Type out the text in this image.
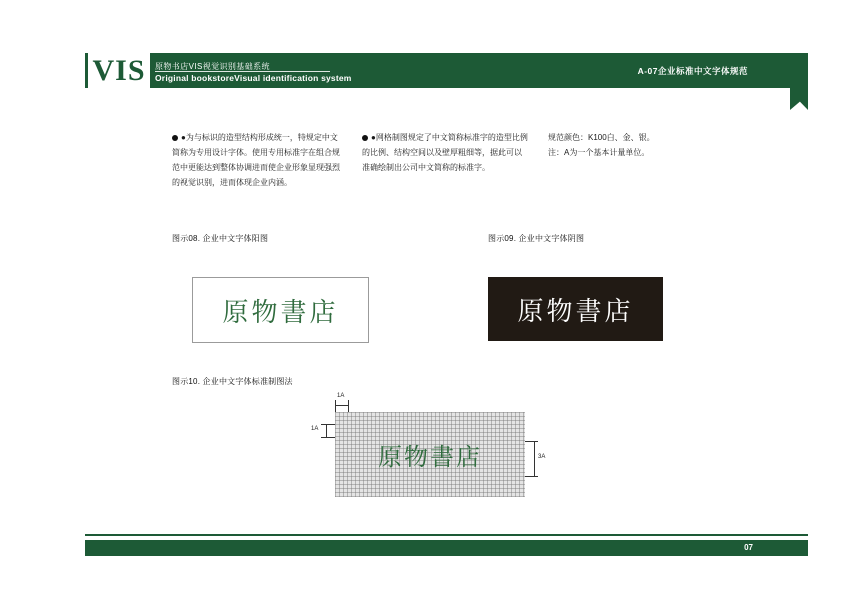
VIS	原物书店VIS视觉识别基础系统
Original bookstoreVisual identification system
A-07企业标准中文字体规范

●为与标识的造型结构形成统一，特规定中文简称为专用设计字体。使用专用标准字在组合规范中更能达到整体协调进而使企业形象显现强烈的视觉识别，进而体现企业内涵。

●网格制图规定了中文简称标准字的造型比例的比例、结构空间以及壁厚粗细等，据此可以准确绘制出公司中文简称的标准字。

规范颜色：K100白、金、银。

注：A为一个基本计量单位。

图示08. 企业中文字体阳图
原物書店
图示09. 企业中文字体阴图
原物書店
图示10. 企业中文字体标准制图法
原物書店
1A
1A
3A
07
